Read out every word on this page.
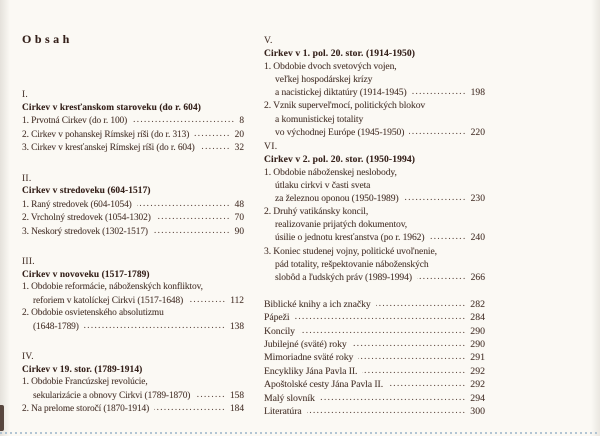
Obsah
I.
Cirkev v kresťanskom staroveku (do r. 604)
1. Prvotná Cirkev (do r. 100) .....	8
2. Cirkev v pohanskej Rímskej ríši (do r. 313) .....	20
3. Cirkev v kresťanskej Rímskej ríši (do r. 604) .....	32
II.
Cirkev v stredoveku (604-1517)
1. Raný stredovek (604-1054) .....	48
2. Vrcholný stredovek (1054-1302) .....	70
3. Neskorý stredovek (1302-1517) .....	90
III.
Cirkev v novoveku (1517-1789)
1. Obdobie reformácie, náboženských konfliktov,
reforiem v katolíckej Cirkvi (1517-1648) .....	112
2. Obdobie osvietenského absolutizmu
(1648-1789) .....	138
IV.
Cirkev v 19. stor. (1789-1914)
1. Obdobie Francúzskej revolúcie,
sekularizácie a obnovy Cirkvi (1789-1870) .....	158
2. Na prelome storočí (1870-1914) .....	184
V.
Cirkev v 1. pol. 20. stor. (1914-1950)
1. Obdobie dvoch svetových vojen,
veľkej hospodárskej krízy
a nacistickej diktatúry (1914-1945) .....	198
2. Vznik superveľmocí, politických blokov
a komunistickej totality
vo východnej Európe (1945-1950) .....	220
VI.
Cirkev v 2. pol. 20. stor. (1950-1994)
1. Obdobie náboženskej neslobody,
útlaku cirkvi v časti sveta
za železnou oponou (1950-1989) .....	230
2. Druhý vatikánsky koncil,
realizovanie prijatých dokumentov,
úsilie o jednotu kresťanstva (po r. 1962) .....	240
3. Koniec studenej vojny, politické uvoľnenie,
pád totality, rešpektovanie náboženských
slobôd a ľudských práv (1989-1994) .....	266
Biblické knihy a ich značky .....	282
Pápeži .....	284
Koncily .....	290
Jubilejné (sväté) roky .....	290
Mimoriadne sväté roky .....	291
Encykliky Jána Pavla II. .....	292
Apoštolské cesty Jána Pavla II. .....	292
Malý slovník .....	294
Literatúra .....	300
